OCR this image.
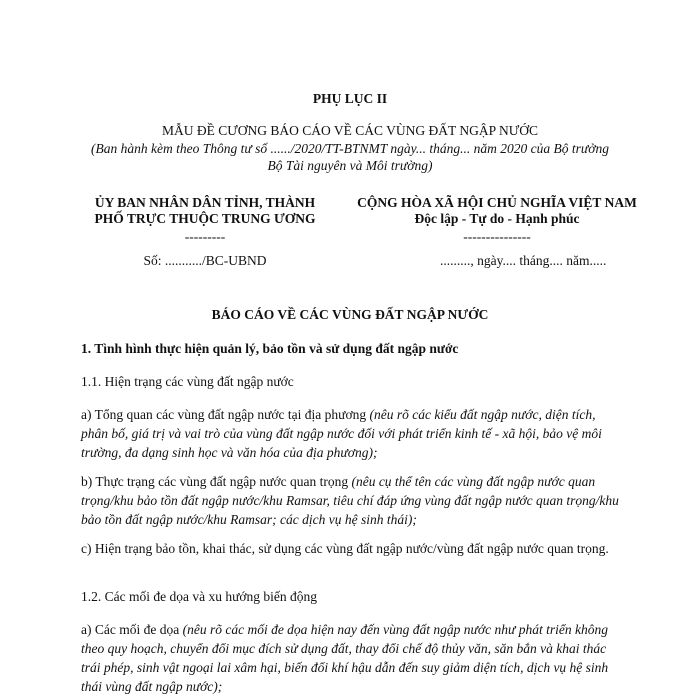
PHỤ LỤC II
MẪU ĐỀ CƯƠNG BÁO CÁO VỀ CÁC VÙNG ĐẤT NGẬP NƯỚC
(Ban hành kèm theo Thông tư số ....../2020/TT-BTNMT ngày... tháng... năm 2020 của Bộ trưởng
Bộ Tài nguyên và Môi trường)
ỦY BAN NHÂN DÂN TỈNH, THÀNH
PHỐ TRỰC THUỘC TRUNG ƯƠNG
---------
Số: .........../BC-UBND
CỘNG HÒA XÃ HỘI CHỦ NGHĨA VIỆT NAM
Độc lập - Tự do - Hạnh phúc
---------------
........., ngày.... tháng.... năm.....
BÁO CÁO VỀ CÁC VÙNG ĐẤT NGẬP NƯỚC
1. Tình hình thực hiện quản lý, bảo tồn và sử dụng đất ngập nước
1.1. Hiện trạng các vùng đất ngập nước
a) Tổng quan các vùng đất ngập nước tại địa phương (nêu rõ các kiểu đất ngập nước, diện tích, phân bố, giá trị và vai trò của vùng đất ngập nước đối với phát triển kinh tế - xã hội, bảo vệ môi trường, đa dạng sinh học và văn hóa của địa phương);
b) Thực trạng các vùng đất ngập nước quan trọng (nêu cụ thể tên các vùng đất ngập nước quan trọng/khu bảo tồn đất ngập nước/khu Ramsar, tiêu chí đáp ứng vùng đất ngập nước quan trọng/khu bảo tồn đất ngập nước/khu Ramsar; các dịch vụ hệ sinh thái);
c) Hiện trạng bảo tồn, khai thác, sử dụng các vùng đất ngập nước/vùng đất ngập nước quan trọng.
1.2. Các mối đe dọa và xu hướng biến động
a) Các mối đe dọa (nêu rõ các mối đe dọa hiện nay đến vùng đất ngập nước như phát triển không theo quy hoạch, chuyển đổi mục đích sử dụng đất, thay đổi chế độ thủy văn, săn bắn và khai thác trái phép, sinh vật ngoại lai xâm hại, biến đổi khí hậu dẫn đến suy giảm diện tích, dịch vụ hệ sinh thái vùng đất ngập nước);
